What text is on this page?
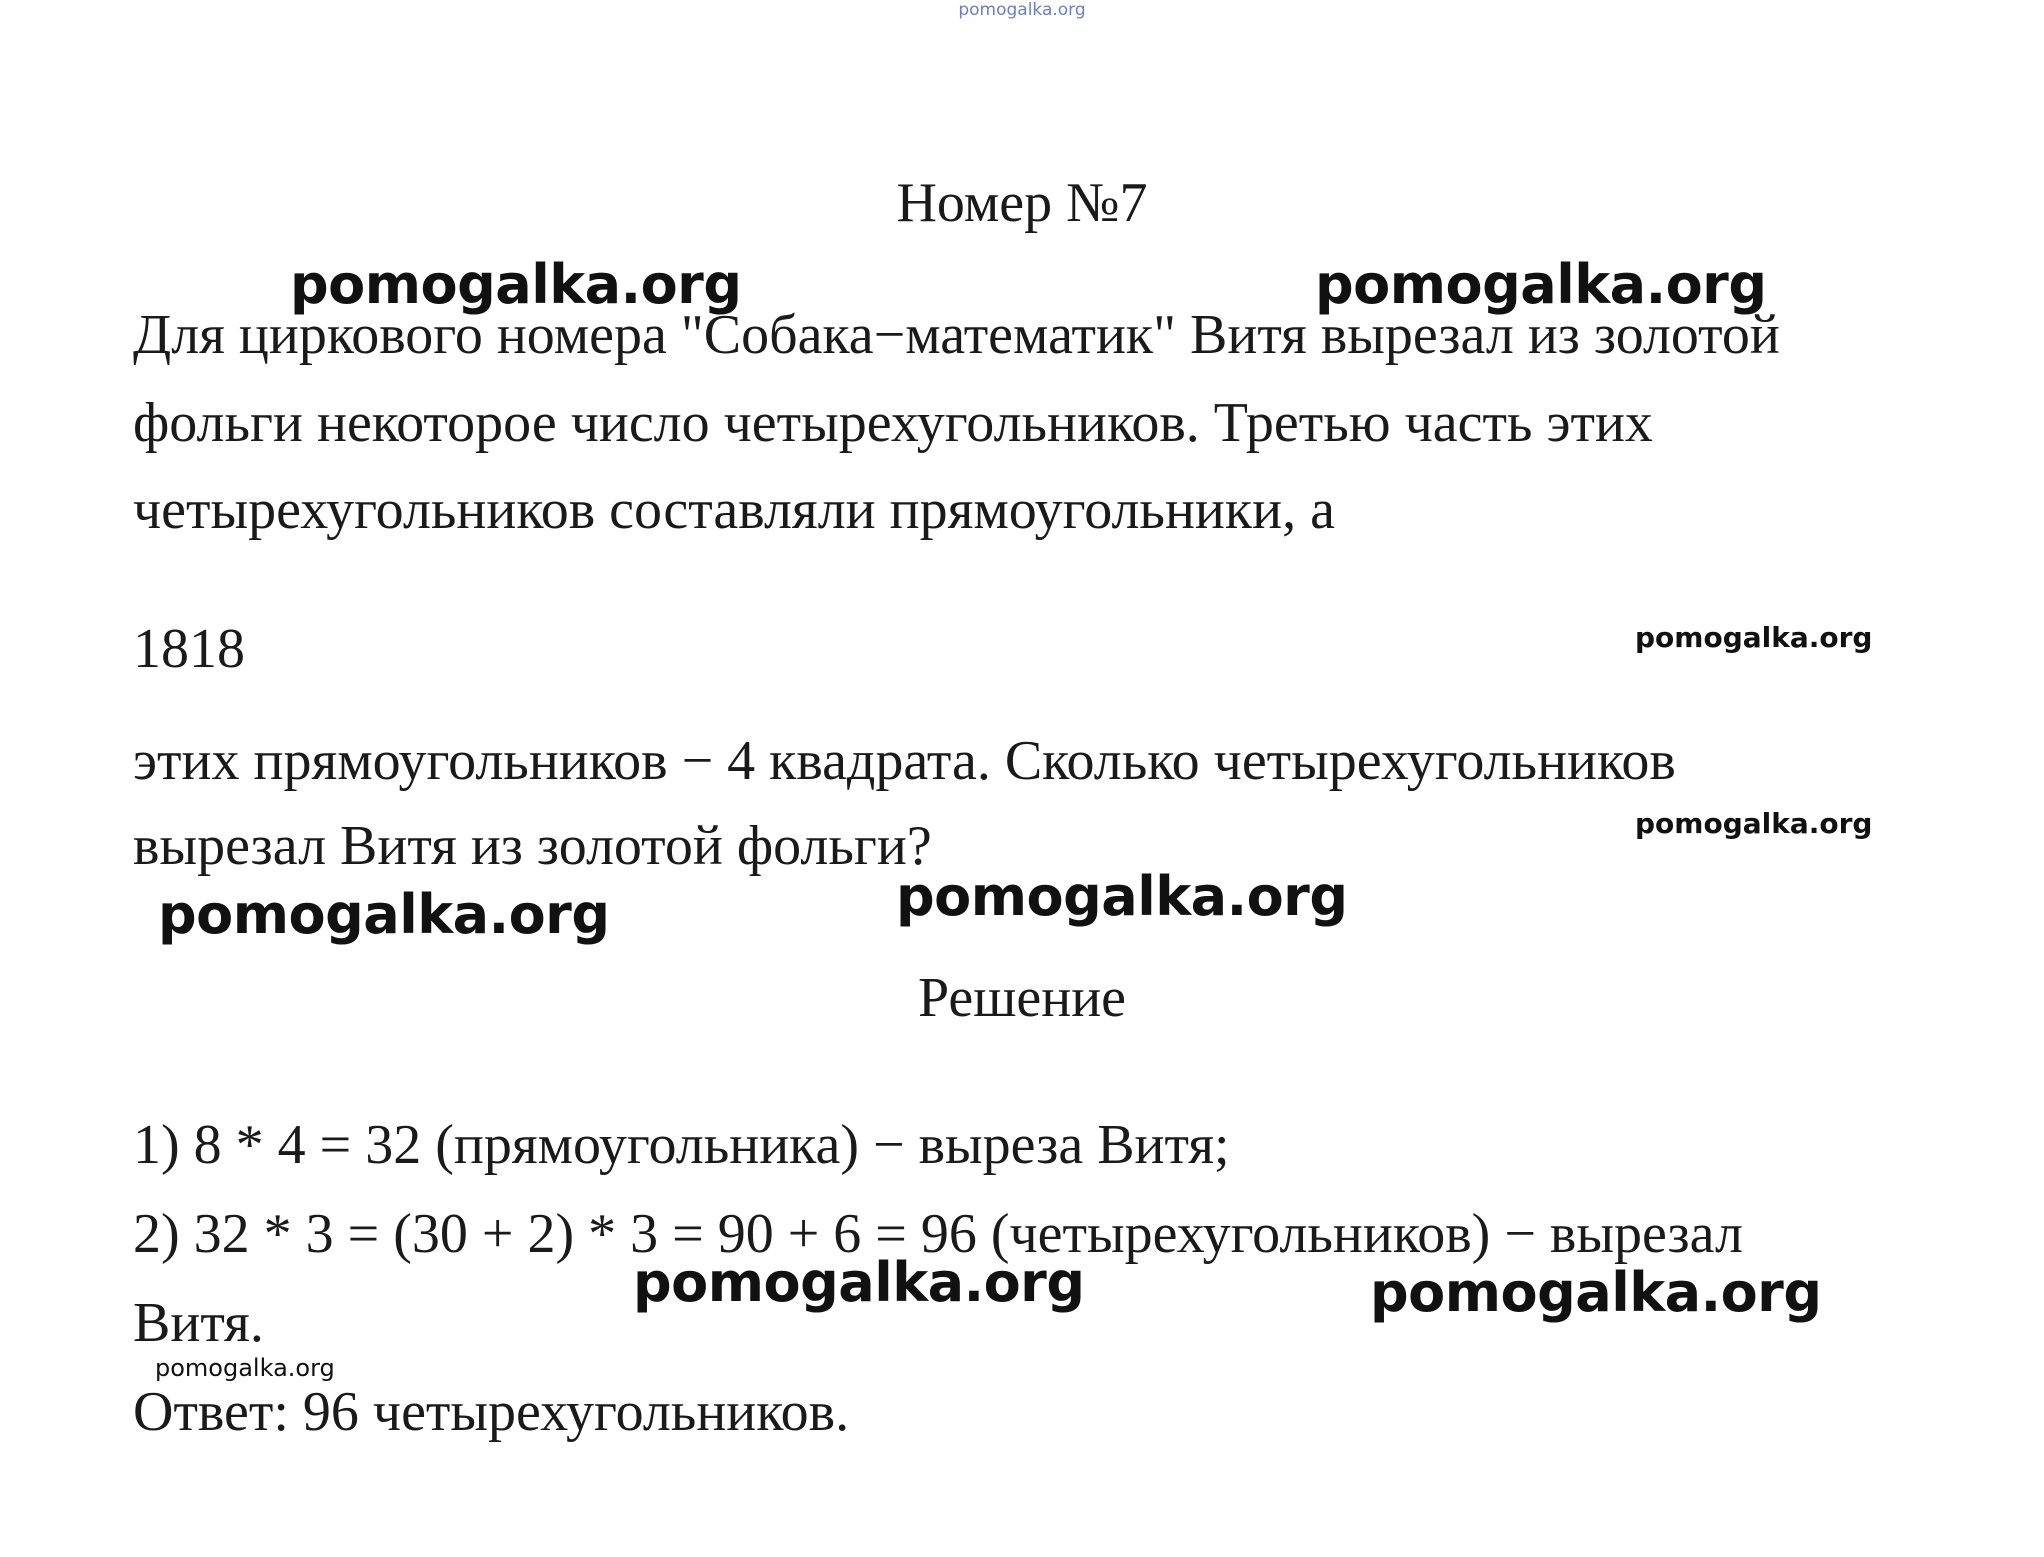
pomogalka.org
Номер №7
pomogalka.org	pomogalka.org
Для циркового номера "Собака−математик" Витя вырезал из золотой
фольги некоторое число четырехугольников. Третью часть этих
четырехугольников составляли прямоугольники, а
1818	pomogalka.org
этих прямоугольников − 4 квадрата. Сколько четырехугольников
вырезал Витя из золотой фольги?	pomogalka.org
pomogalka.org	pomogalka.org
Решение
1) 8 * 4 = 32 (прямоугольника) − выреза Витя;
2) 32 * 3 = (30 + 2) * 3 = 90 + 6 = 96 (четырехугольников) − вырезал
pomogalka.org	pomogalka.org
Витя.
pomogalka.org
Ответ: 96 четырехугольников.
